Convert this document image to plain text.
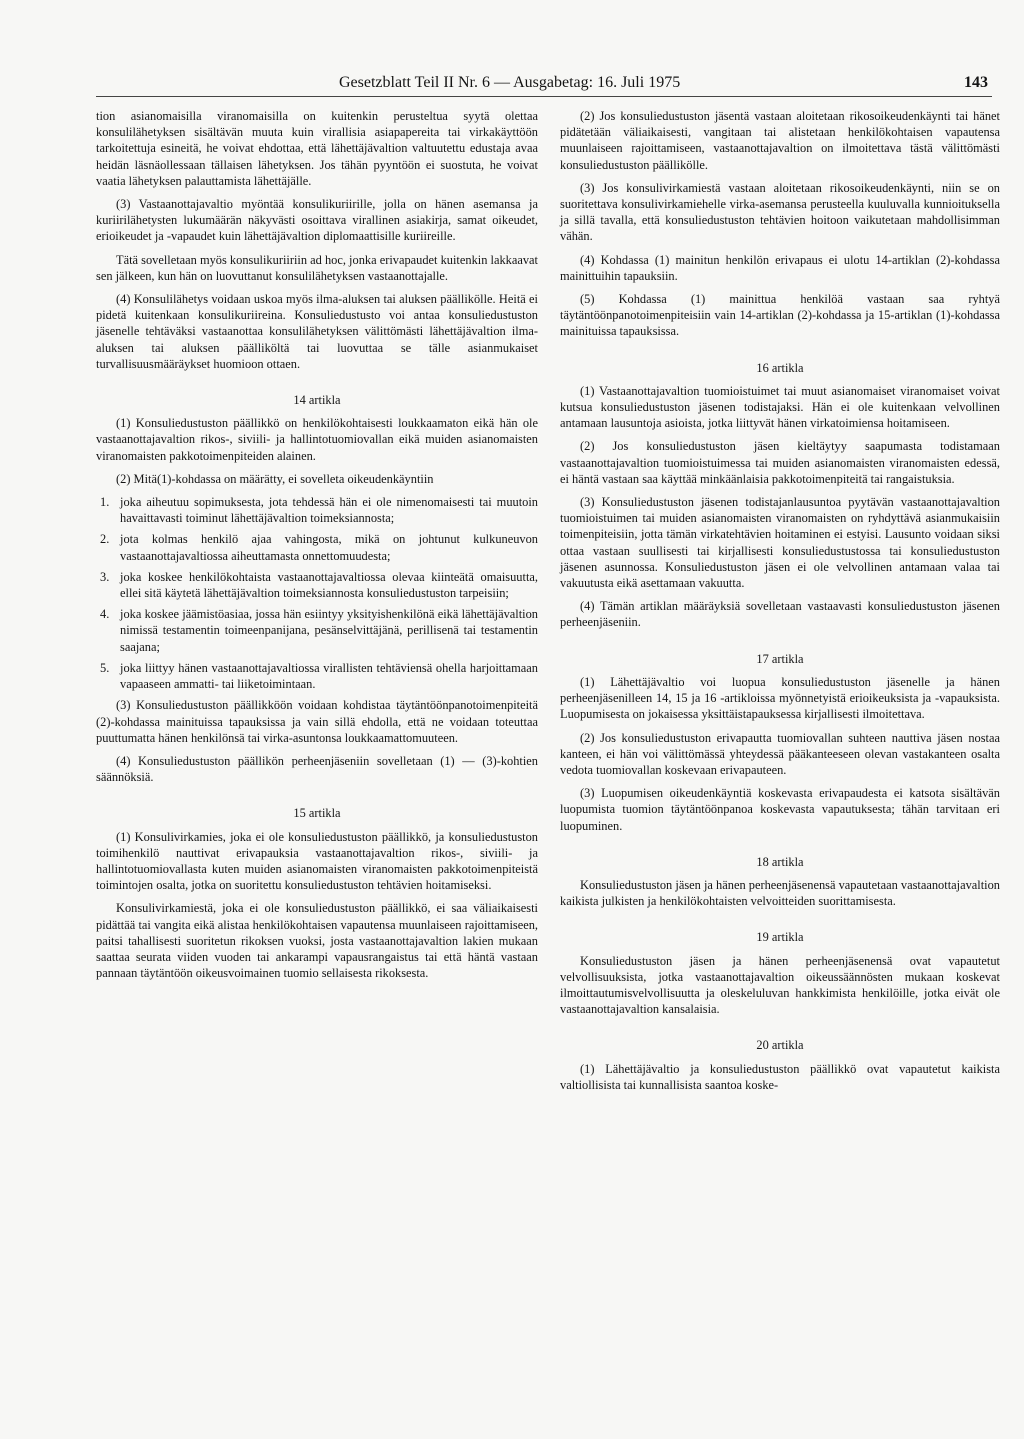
Gesetzblatt Teil II Nr. 6 — Ausgabetag: 16. Juli 1975	143

tion asianomaisilla viranomaisilla on kuitenkin perusteltua syytä olettaa konsulilähetyksen sisältävän muuta kuin virallisia asiapapereita tai virkakäyttöön tarkoitettuja esineitä, he voivat ehdottaa, että lähettäjävaltion valtuutettu edustaja avaa heidän läsnäollessaan tällaisen lähetyksen. Jos tähän pyyntöön ei suostuta, he voivat vaatia lähetyksen palauttamista lähettäjälle.

(3) Vastaanottajavaltio myöntää konsulikuriirille, jolla on hänen asemansa ja kuriirilähetysten lukumäärän näkyvästi osoittava virallinen asiakirja, samat oikeudet, erioikeudet ja -vapaudet kuin lähettäjävaltion diplomaattisille kuriireille.

Tätä sovelletaan myös konsulikuriiriin ad hoc, jonka erivapaudet kuitenkin lakkaavat sen jälkeen, kun hän on luovuttanut konsulilähetyksen vastaanottajalle.

(4) Konsulilähetys voidaan uskoa myös ilma-aluksen tai aluksen päällikölle. Heitä ei pidetä kuitenkaan konsulikuriireina. Konsuliedustusto voi antaa konsuliedustuston jäsenelle tehtäväksi vastaanottaa konsulilähetyksen välittömästi lähettäjävaltion ilma-aluksen tai aluksen päälliköltä tai luovuttaa se tälle asianmukaiset turvallisuusmääräykset huomioon ottaen.

14 artikla

(1) Konsuliedustuston päällikkö on henkilökohtaisesti loukkaamaton eikä hän ole vastaanottajavaltion rikos-, siviili- ja hallintotuomiovallan eikä muiden asianomaisten viranomaisten pakkotoimenpiteiden alainen.

(2) Mitä(1)-kohdassa on määrätty, ei sovelleta oikeudenkäyntiin

1. joka aiheutuu sopimuksesta, jota tehdessä hän ei ole nimenomaisesti tai muutoin havaittavasti toiminut lähettäjävaltion toimeksiannosta;
2. jota kolmas henkilö ajaa vahingosta, mikä on johtunut kulkuneuvon vastaanottajavaltiossa aiheuttamasta onnettomuudesta;
3. joka koskee henkilökohtaista vastaanottajavaltiossa olevaa kiinteätä omaisuutta, ellei sitä käytetä lähettäjävaltion toimeksiannosta konsuliedustuston tarpeisiin;
4. joka koskee jäämistöasiaa, jossa hän esiintyy yksityishenkilönä eikä lähettäjävaltion nimissä testamentin toimeenpanijana, pesänselvittäjänä, perillisenä tai testamentin saajana;
5. joka liittyy hänen vastaanottajavaltiossa virallisten tehtäviensä ohella harjoittamaan vapaaseen ammatti- tai liiketoimintaan.

(3) Konsuliedustuston päällikköön voidaan kohdistaa täytäntöönpanotoimenpiteitä (2)-kohdassa mainituissa tapauksissa ja vain sillä ehdolla, että ne voidaan toteuttaa puuttumatta hänen henkilönsä tai virka-asuntonsa loukkaamattomuuteen.

(4) Konsuliedustuston päällikön perheenjäseniin sovelletaan (1) — (3)-kohtien säännöksiä.

15 artikla

(1) Konsulivirkamies, joka ei ole konsuliedustuston päällikkö, ja konsuliedustuston toimihenkilö nauttivat erivapauksia vastaanottajavaltion rikos-, siviili- ja hallintotuomiovallasta kuten muiden asianomaisten viranomaisten pakkotoimenpiteistä toimintojen osalta, jotka on suoritettu konsuliedustuston tehtävien hoitamiseksi.

Konsulivirkamiestä, joka ei ole konsuliedustuston päällikkö, ei saa väliaikaisesti pidättää tai vangita eikä alistaa henkilökohtaisen vapautensa muunlaiseen rajoittamiseen, paitsi tahallisesti suoritetun rikoksen vuoksi, josta vastaanottajavaltion lakien mukaan saattaa seurata viiden vuoden tai ankarampi vapausrangaistus tai että häntä vastaan pannaan täytäntöön oikeusvoimainen tuomio sellaisesta rikoksesta.

(2) Jos konsuliedustuston jäsentä vastaan aloitetaan rikosoikeudenkäynti tai hänet pidätetään väliaikaisesti, vangitaan tai alistetaan henkilökohtaisen vapautensa muunlaiseen rajoittamiseen, vastaanottajavaltion on ilmoitettava tästä välittömästi konsuliedustuston päällikölle.

(3) Jos konsulivirkamiestä vastaan aloitetaan rikosoikeudenkäynti, niin se on suoritettava konsulivirkamiehelle virka-asemansa perusteella kuuluvalla kunnioituksella ja sillä tavalla, että konsuliedustuston tehtävien hoitoon vaikutetaan mahdollisimman vähän.

(4) Kohdassa (1) mainitun henkilön erivapaus ei ulotu 14-artiklan (2)-kohdassa mainittuihin tapauksiin.

(5) Kohdassa (1) mainittua henkilöä vastaan saa ryhtyä täytäntöönpanotoimenpiteisiin vain 14-artiklan (2)-kohdassa ja 15-artiklan (1)-kohdassa mainituissa tapauksissa.

16 artikla

(1) Vastaanottajavaltion tuomioistuimet tai muut asianomaiset viranomaiset voivat kutsua konsuliedustuston jäsenen todistajaksi. Hän ei ole kuitenkaan velvollinen antamaan lausuntoja asioista, jotka liittyvät hänen virkatoimiensa hoitamiseen.

(2) Jos konsuliedustuston jäsen kieltäytyy saapumasta todistamaan vastaanottajavaltion tuomioistuimessa tai muiden asianomaisten viranomaisten edessä, ei häntä vastaan saa käyttää minkäänlaisia pakkotoimenpiteitä tai rangaistuksia.

(3) Konsuliedustuston jäsenen todistajanlausuntoa pyytävän vastaanottajavaltion tuomioistuimen tai muiden asianomaisten viranomaisten on ryhdyttävä asianmukaisiin toimenpiteisiin, jotta tämän virkatehtävien hoitaminen ei estyisi. Lausunto voidaan siksi ottaa vastaan suullisesti tai kirjallisesti konsuliedustustossa tai konsuliedustuston jäsenen asunnossa. Konsuliedustuston jäsen ei ole velvollinen antamaan valaa tai vakuutusta eikä asettamaan vakuutta.

(4) Tämän artiklan määräyksiä sovelletaan vastaavasti konsuliedustuston jäsenen perheenjäseniin.

17 artikla

(1) Lähettäjävaltio voi luopua konsuliedustuston jäsenelle ja hänen perheenjäsenilleen 14, 15 ja 16 -artikloissa myönnetyistä erioikeuksista ja -vapauksista. Luopumisesta on jokaisessa yksittäistapauksessa kirjallisesti ilmoitettava.

(2) Jos konsuliedustuston erivapautta tuomiovallan suhteen nauttiva jäsen nostaa kanteen, ei hän voi välittömässä yhteydessä pääkanteeseen olevan vastakanteen osalta vedota tuomiovallan koskevaan erivapauteen.

(3) Luopumisen oikeudenkäyntiä koskevasta erivapaudesta ei katsota sisältävän luopumista tuomion täytäntöönpanoa koskevasta vapautuksesta; tähän tarvitaan eri luopuminen.

18 artikla

Konsuliedustuston jäsen ja hänen perheenjäsenensä vapautetaan vastaanottajavaltion kaikista julkisten ja henkilökohtaisten velvoitteiden suorittamisesta.

19 artikla

Konsuliedustuston jäsen ja hänen perheenjäsenensä ovat vapautetut velvollisuuksista, jotka vastaanottajavaltion oikeussäännösten mukaan koskevat ilmoittautumisvelvollisuutta ja oleskeluluvan hankkimista henkilöille, jotka eivät ole vastaanottajavaltion kansalaisia.

20 artikla

(1) Lähettäjävaltio ja konsuliedustuston päällikkö ovat vapautetut kaikista valtiollisista tai kunnallisista saantoa koske-
